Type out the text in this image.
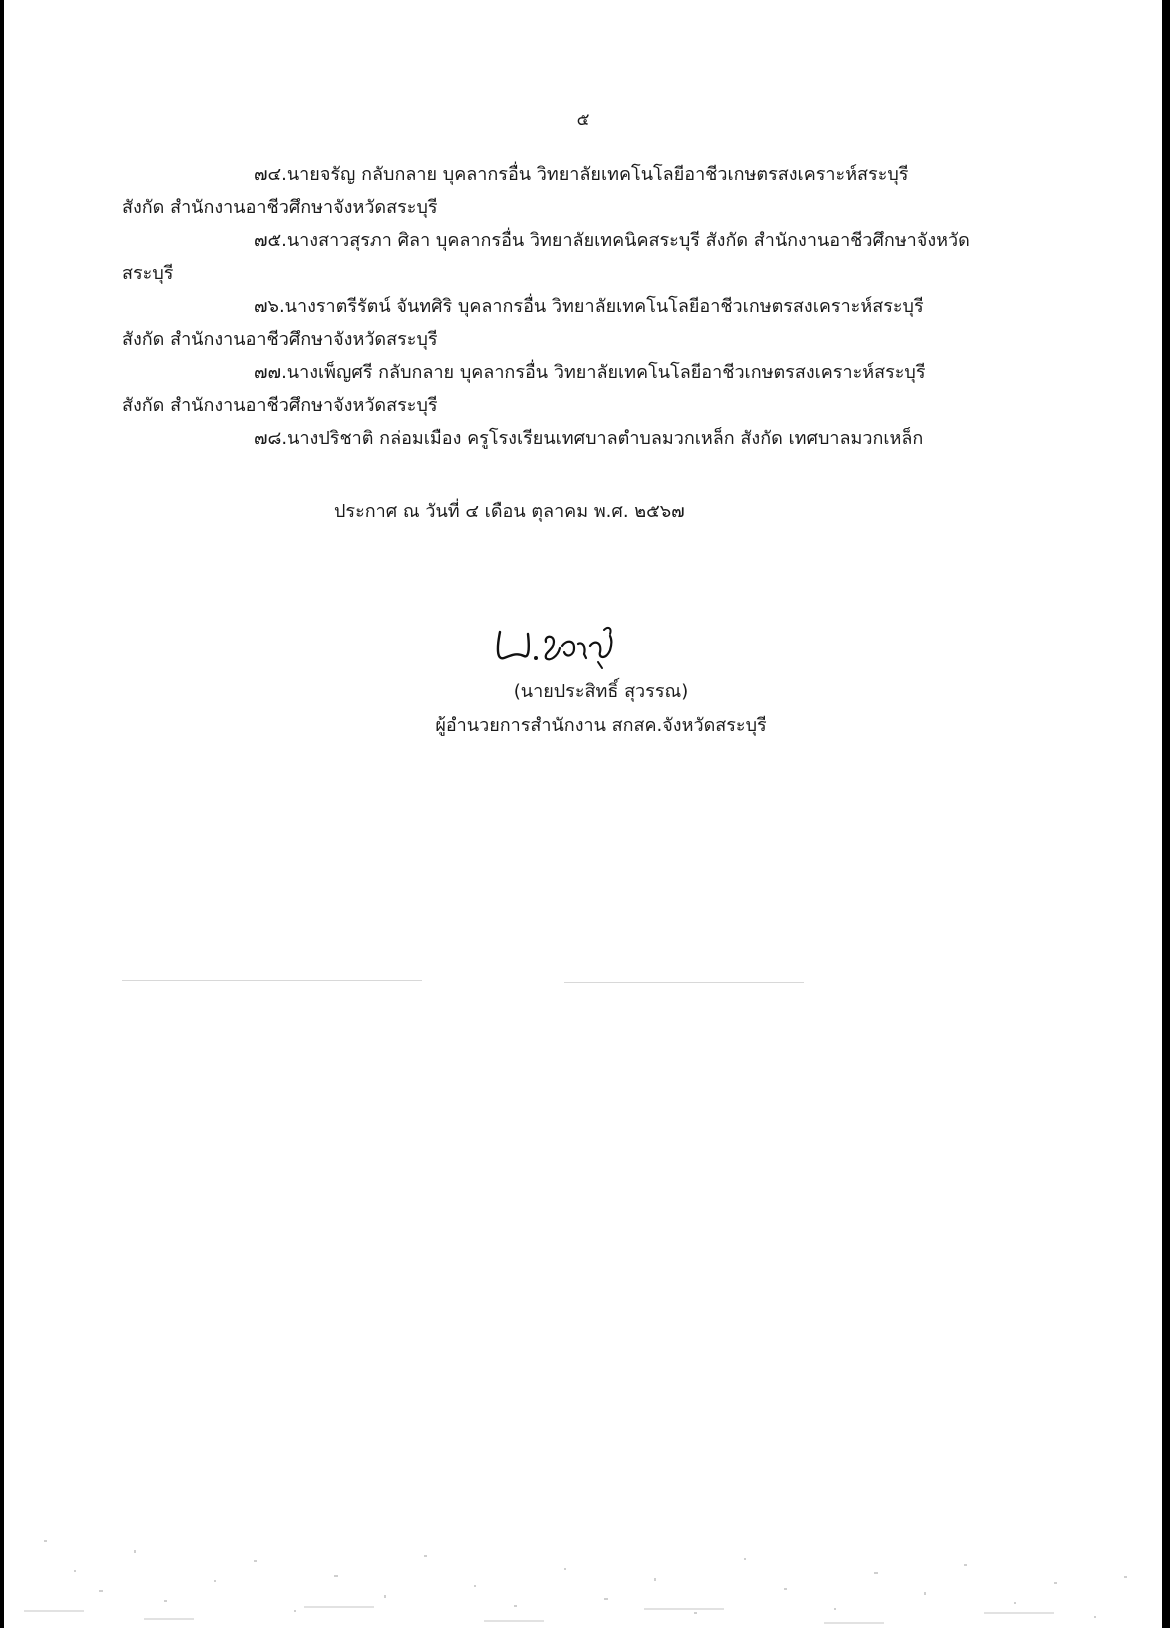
๕

๗๔.นายจรัญ กลับกลาย บุคลากรอื่น วิทยาลัยเทคโนโลยีอาชีวเกษตรสงเคราะห์สระบุรี
สังกัด สำนักงานอาชีวศึกษาจังหวัดสระบุรี

๗๕.นางสาวสุรภา ศิลา บุคลากรอื่น วิทยาลัยเทคนิคสระบุรี สังกัด สำนักงานอาชีวศึกษาจังหวัด
สระบุรี

๗๖.นางราตรีรัตน์ จันทศิริ บุคลากรอื่น วิทยาลัยเทคโนโลยีอาชีวเกษตรสงเคราะห์สระบุรี
สังกัด สำนักงานอาชีวศึกษาจังหวัดสระบุรี

๗๗.นางเพ็ญศรี กลับกลาย บุคลากรอื่น วิทยาลัยเทคโนโลยีอาชีวเกษตรสงเคราะห์สระบุรี
สังกัด สำนักงานอาชีวศึกษาจังหวัดสระบุรี

๗๘.นางปริชาติ กล่อมเมือง ครูโรงเรียนเทศบาลตำบลมวกเหล็ก สังกัด เทศบาลมวกเหล็ก

ประกาศ ณ วันที่ ๔ เดือน ตุลาคม พ.ศ. ๒๕๖๗
(นายประสิทธิ์ สุวรรณ)
ผู้อำนวยการสำนักงาน สกสค.จังหวัดสระบุรี
